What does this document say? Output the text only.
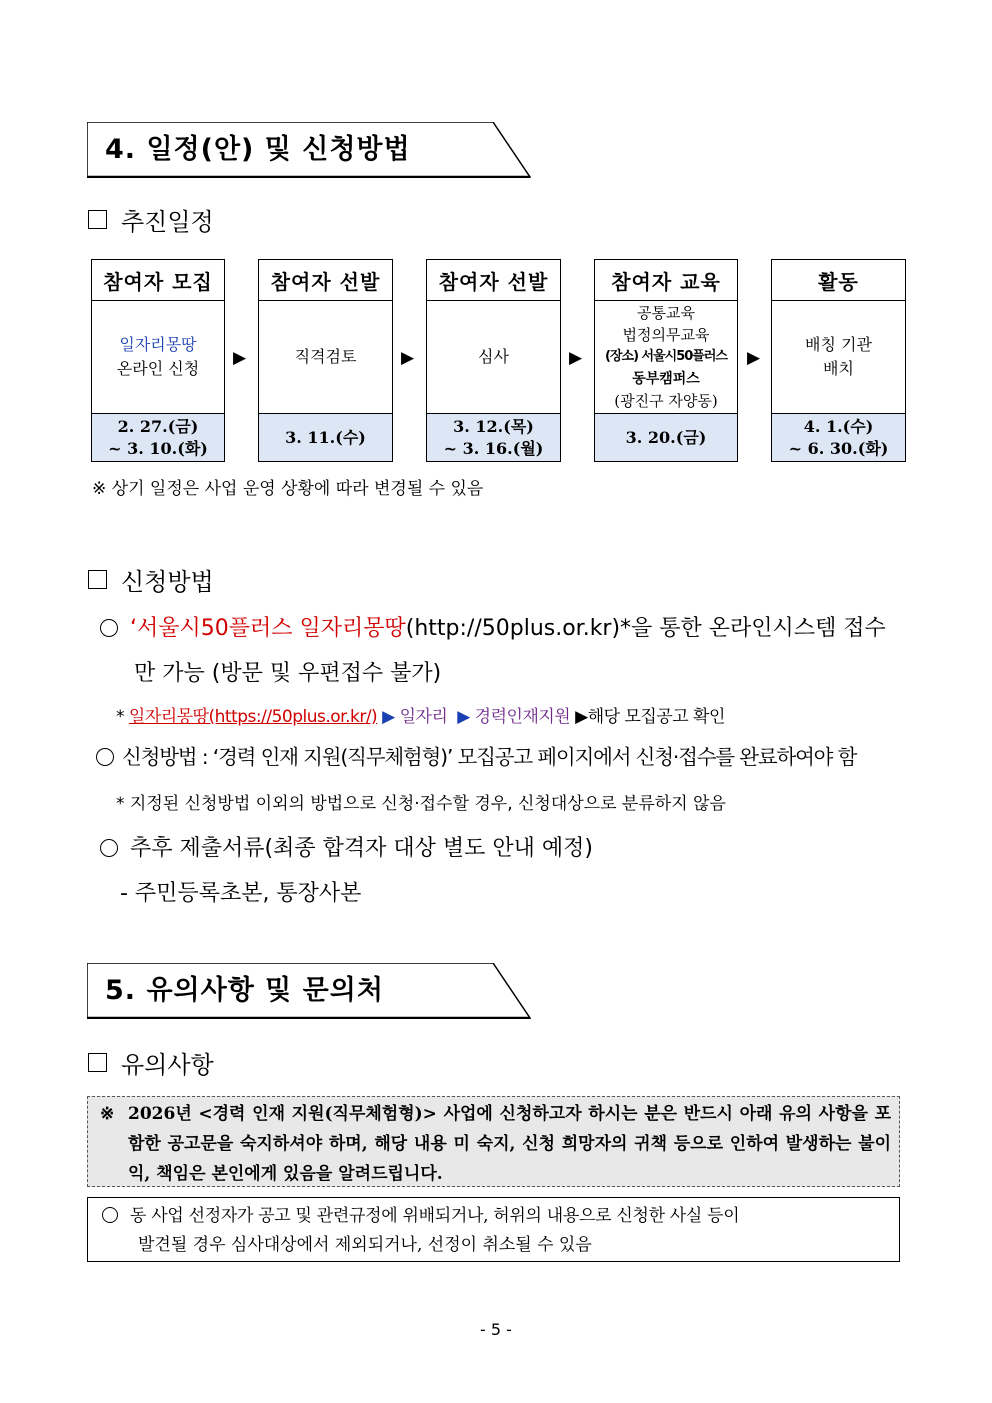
4. 일정(안) 및 신청방법
추진일정
참여자 모집
일자리몽땅
온라인 신청
2. 27.(금)
~ 3. 10.(화)
▶
참여자 선발
직격검토
3. 11.(수)
▶
참여자 선발
심사
3. 12.(목)
~ 3. 16.(월)
▶
참여자 교육
공통교육
법정의무교육
(장소) 서울시50플러스
동부캠퍼스
(광진구 자양동)
3. 20.(금)
▶
활동
배칭 기관
배치
4. 1.(수)
~ 6. 30.(화)
※ 상기 일정은 사업 운영 상황에 따라 변경될 수 있음
신청방법
‘서울시50플러스 일자리몽땅(http://50plus.or.kr)*을 통한 온라인시스템 접수
만 가능 (방문 및 우편접수 불가)
* 일자리몽땅(https://50plus.or.kr/) ▶ 일자리 ▶ 경력인재지원 ▶해당 모집공고 확인
신청방법 : ‘경력 인재 지원(직무체험형)’ 모집공고 페이지에서 신청·접수를 완료하여야 함
* 지정된 신청방법 이외의 방법으로 신청·접수할 경우, 신청대상으로 분류하지 않음
추후 제출서류(최종 합격자 대상 별도 안내 예정)
- 주민등록초본, 통장사본
5. 유의사항 및 문의처
유의사항
※ 2026년 <경력 인재 지원(직무체험형)> 사업에 신청하고자 하시는 분은 반드시 아래 유의 사항을 포함한 공고문을 숙지하셔야 하며, 해당 내용 미 숙지, 신청 희망자의 귀책 등으로 인하여 발생하는 불이익, 책임은 본인에게 있음을 알려드립니다.
동 사업 선정자가 공고 및 관련규정에 위배되거나, 허위의 내용으로 신청한 사실 등이
발견될 경우 심사대상에서 제외되거나, 선정이 취소될 수 있음
- 5 -
